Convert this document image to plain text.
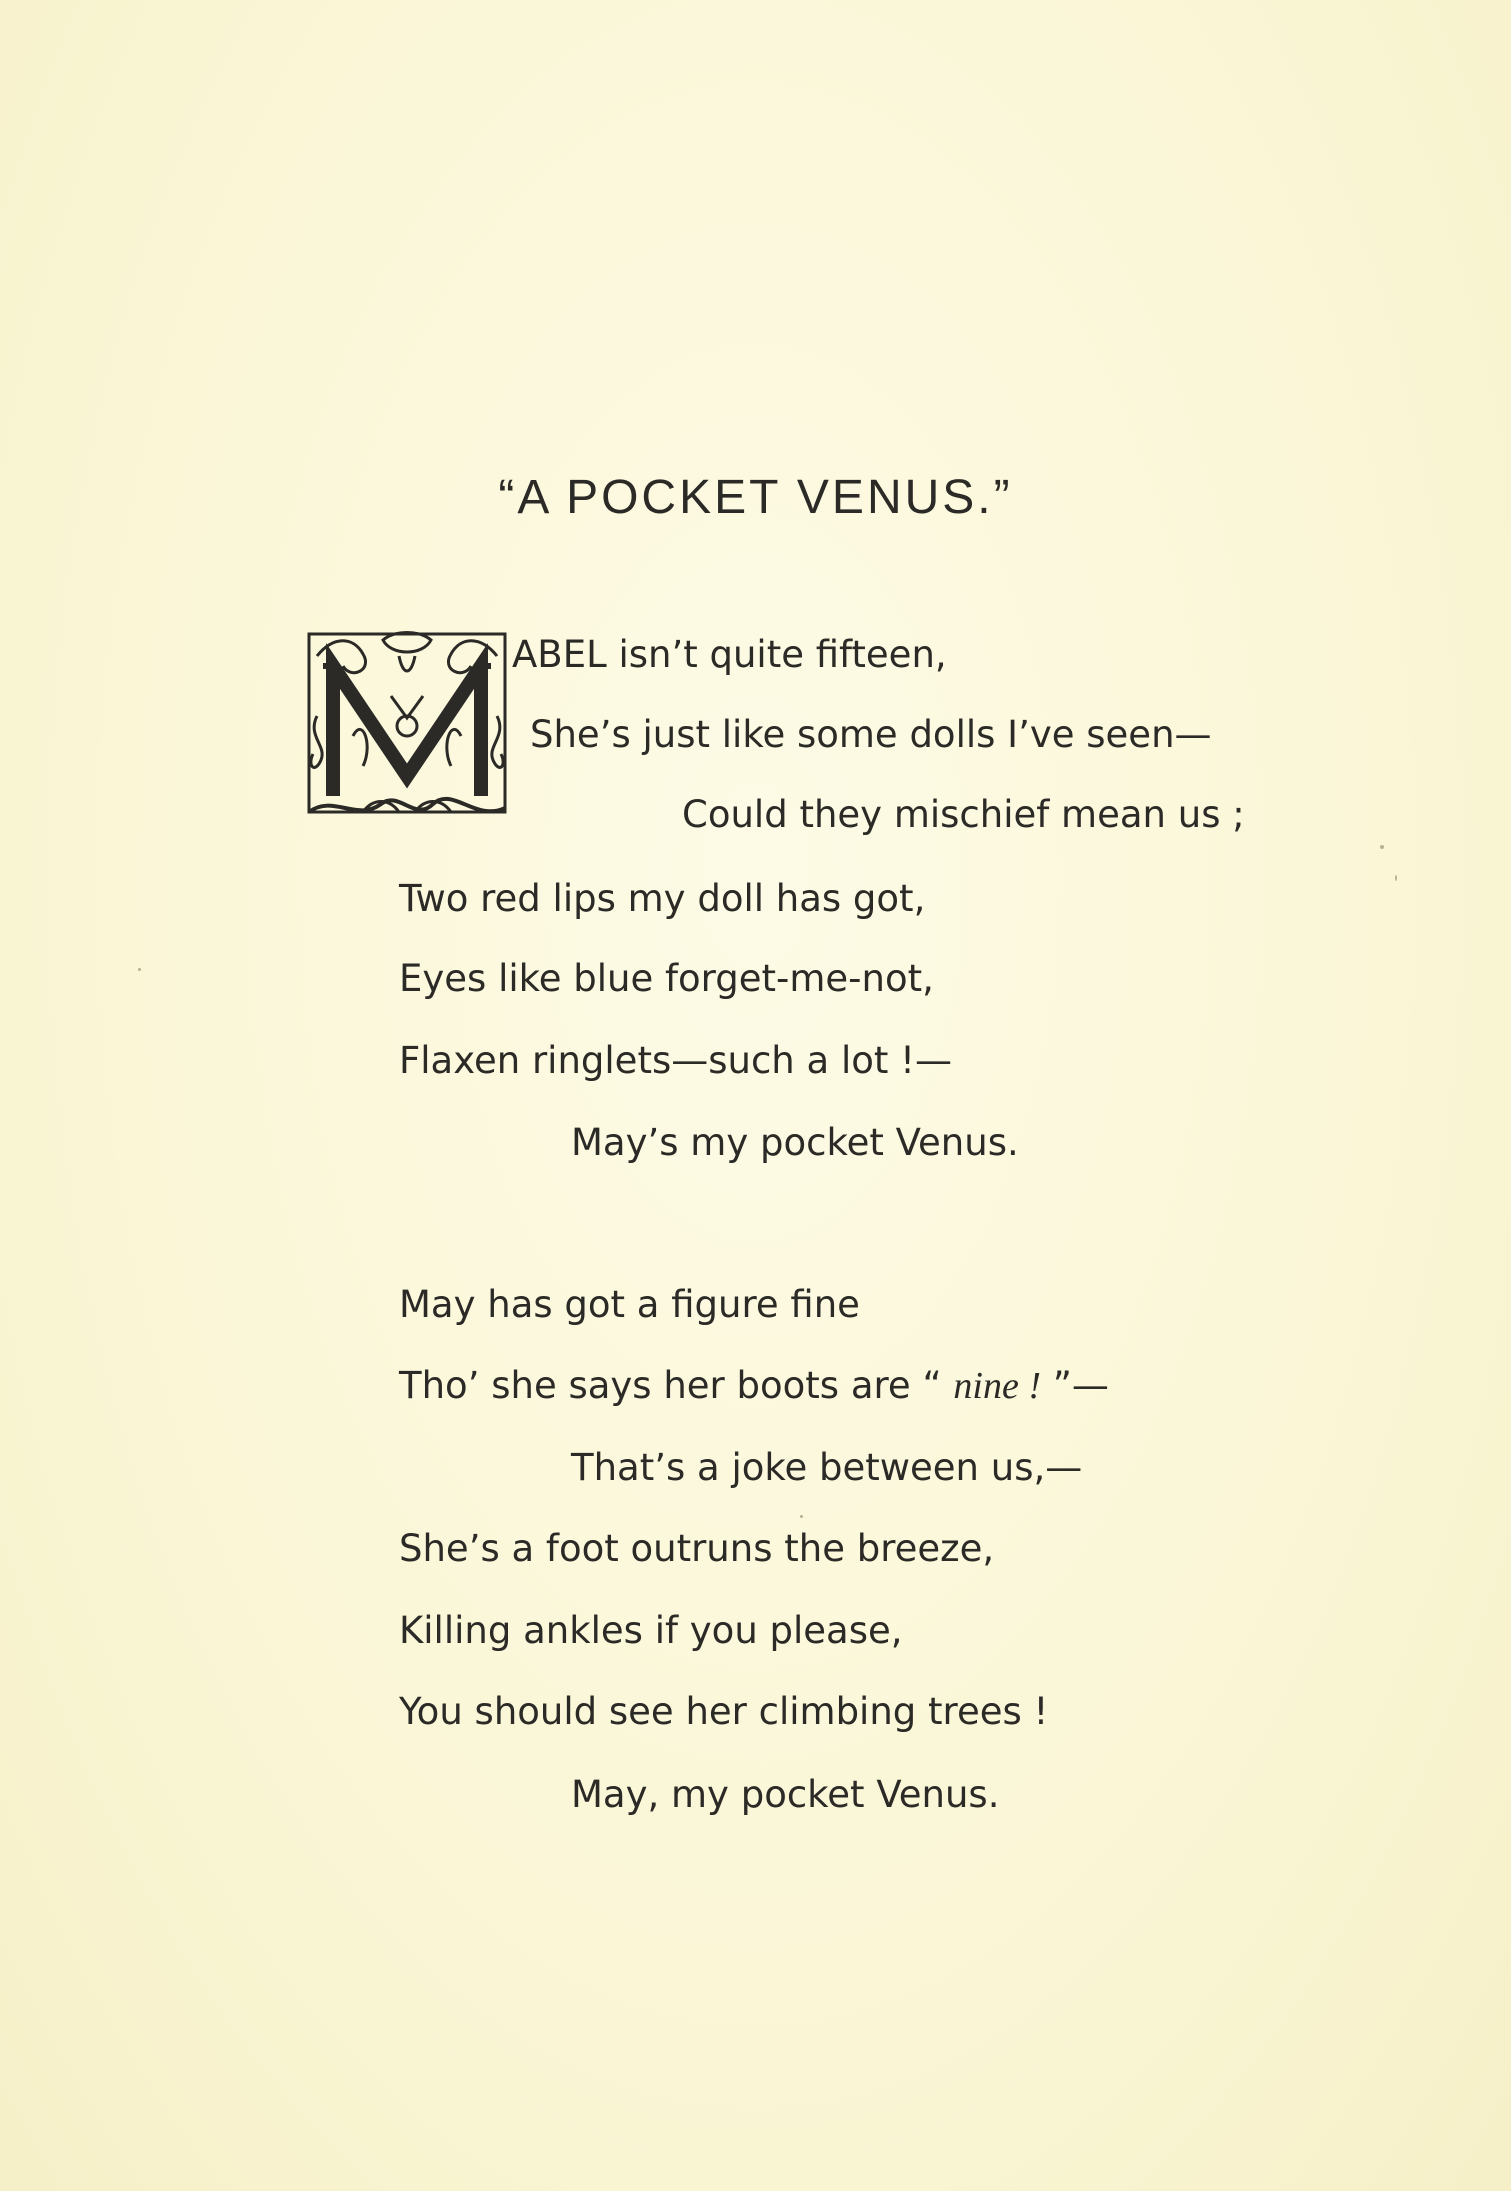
“A POCKET VENUS.”

ABEL isn’t quite fifteen,

She’s just like some dolls I’ve seen—

Could they mischief mean us ;

Two red lips my doll has got,

Eyes like blue forget-me-not,

Flaxen ringlets—such a lot !—

May’s my pocket Venus.

May has got a figure fine

Tho’ she says her boots are “ nine ! ”—

That’s a joke between us,—

She’s a foot outruns the breeze,

Killing ankles if you please,

You should see her climbing trees !

May, my pocket Venus.
